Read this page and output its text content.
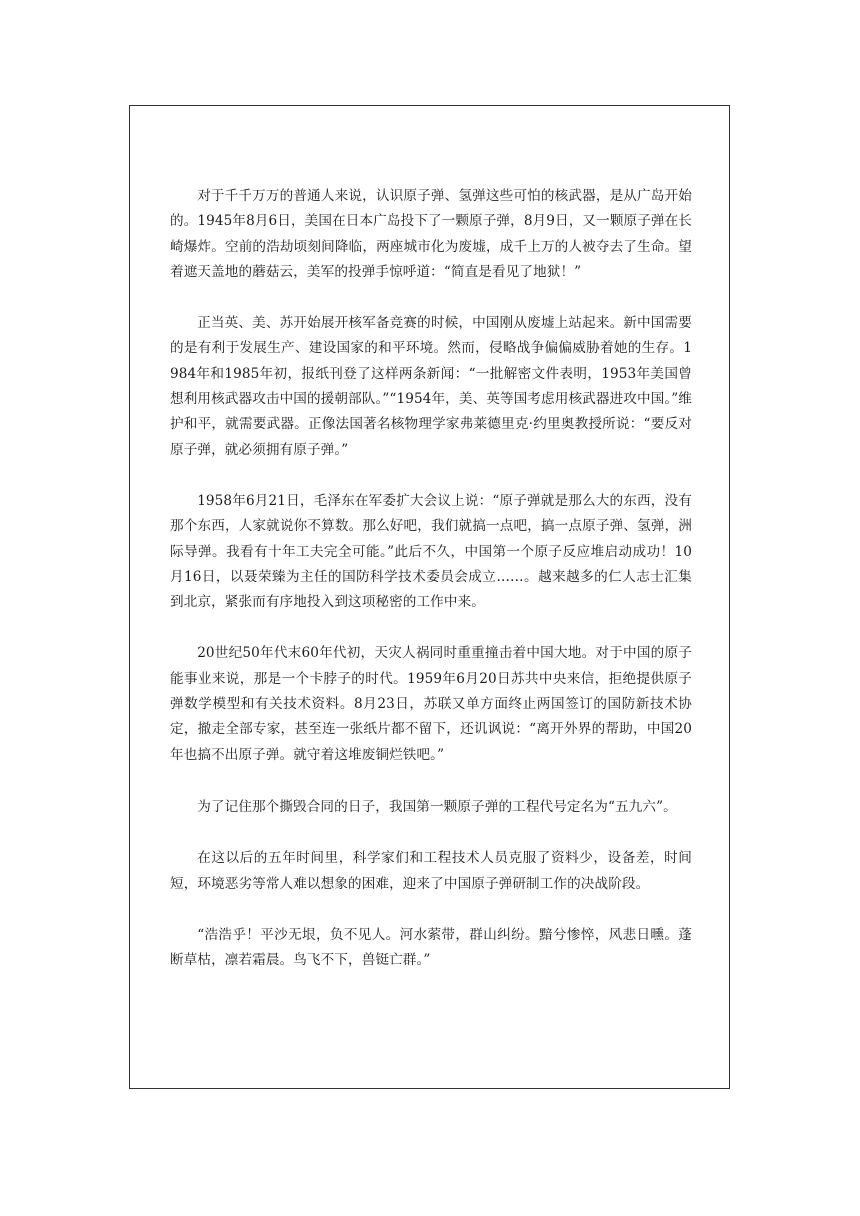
对于千千万万的普通人来说，认识原子弹、氢弹这些可怕的核武器，是从广岛开始的。1945年8月6日，美国在日本广岛投下了一颗原子弹，8月9日，又一颗原子弹在长崎爆炸。空前的浩劫顷刻间降临，两座城市化为废墟，成千上万的人被夺去了生命。望着遮天盖地的蘑菇云，美军的投弹手惊呼道：“简直是看见了地狱！”

正当英、美、苏开始展开核军备竞赛的时候，中国刚从废墟上站起来。新中国需要的是有利于发展生产、建设国家的和平环境。然而，侵略战争偏偏威胁着她的生存。1984年和1985年初，报纸刊登了这样两条新闻：“一批解密文件表明，1953年美国曾想利用核武器攻击中国的援朝部队。”“1954年，美、英等国考虑用核武器进攻中国。”维护和平，就需要武器。正像法国著名核物理学家弗莱德里克·约里奥教授所说：“要反对原子弹，就必须拥有原子弹。”

1958年6月21日，毛泽东在军委扩大会议上说：“原子弹就是那么大的东西，没有那个东西，人家就说你不算数。那么好吧，我们就搞一点吧，搞一点原子弹、氢弹，洲际导弹。我看有十年工夫完全可能。”此后不久，中国第一个原子反应堆启动成功！10月16日，以聂荣臻为主任的国防科学技术委员会成立……。越来越多的仁人志士汇集到北京，紧张而有序地投入到这项秘密的工作中来。

20世纪50年代末60年代初，天灾人祸同时重重撞击着中国大地。对于中国的原子能事业来说，那是一个卡脖子的时代。1959年6月20日苏共中央来信，拒绝提供原子弹数学模型和有关技术资料。8月23日，苏联又单方面终止两国签订的国防新技术协定，撤走全部专家，甚至连一张纸片都不留下，还讥讽说：“离开外界的帮助，中国20年也搞不出原子弹。就守着这堆废铜烂铁吧。”

为了记住那个撕毁合同的日子，我国第一颗原子弹的工程代号定名为“五九六”。

在这以后的五年时间里，科学家们和工程技术人员克服了资料少，设备差，时间短，环境恶劣等常人难以想象的困难，迎来了中国原子弹研制工作的决战阶段。

“浩浩乎！平沙无垠，负不见人。河水萦带，群山纠纷。黯兮惨悴，风悲日曛。蓬断草枯，凛若霜晨。鸟飞不下，兽铤亡群。”
